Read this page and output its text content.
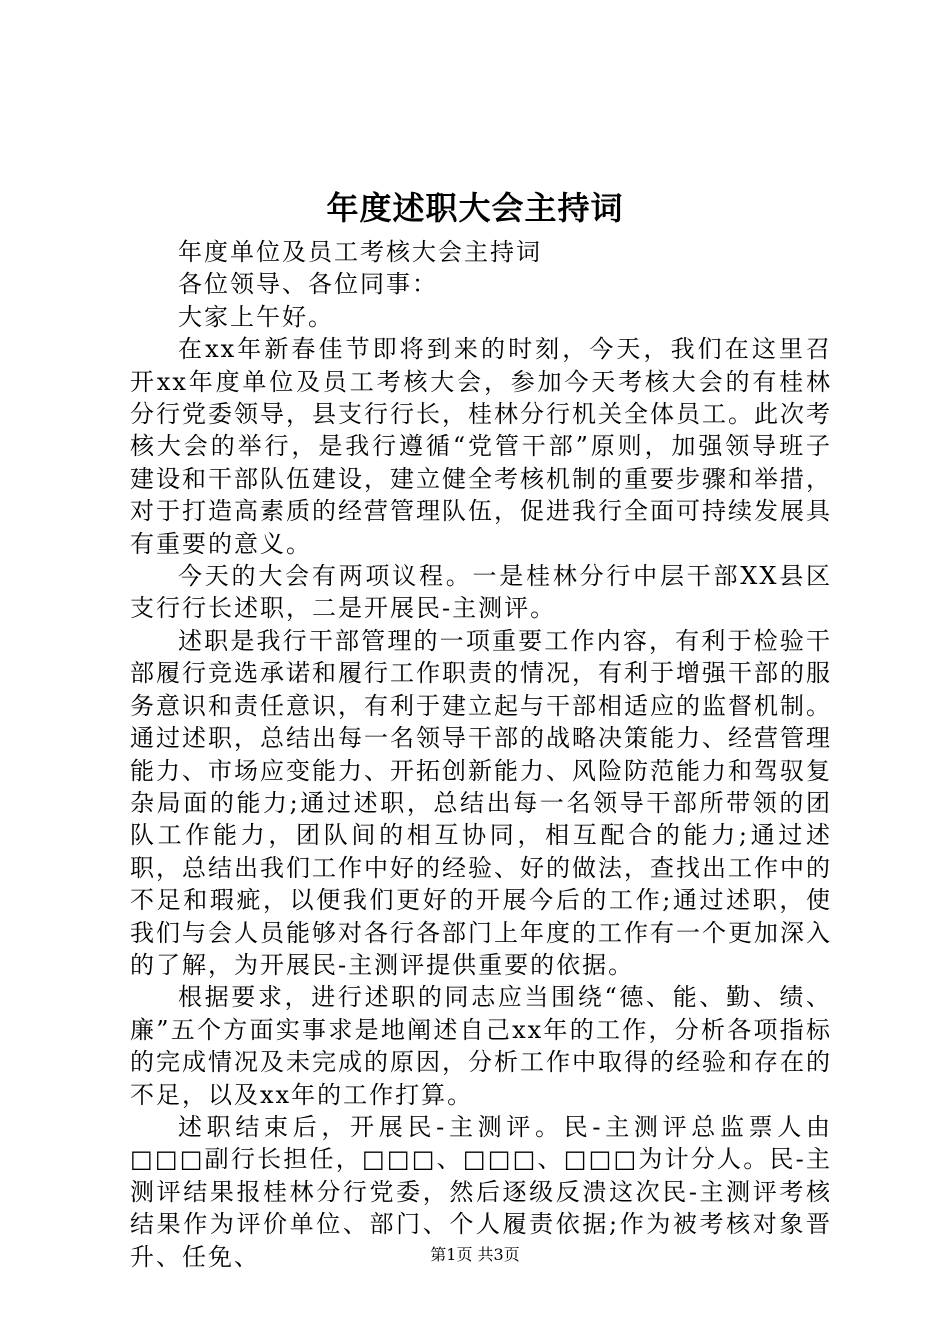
年度述职大会主持词

年度单位及员工考核大会主持词

各位领导、各位同事：

大家上午好。

在xx年新春佳节即将到来的时刻，今天，我们在这里召开xx年度单位及员工考核大会，参加今天考核大会的有桂林分行党委领导，县支行行长，桂林分行机关全体员工。此次考核大会的举行，是我行遵循“党管干部”原则，加强领导班子建设和干部队伍建设，建立健全考核机制的重要步骤和举措，对于打造高素质的经营管理队伍，促进我行全面可持续发展具有重要的意义。

今天的大会有两项议程。一是桂林分行中层干部XX县区支行行长述职，二是开展民-主测评。

述职是我行干部管理的一项重要工作内容，有利于检验干部履行竞选承诺和履行工作职责的情况，有利于增强干部的服务意识和责任意识，有利于建立起与干部相适应的监督机制。通过述职，总结出每一名领导干部的战略决策能力、经营管理能力、市场应变能力、开拓创新能力、风险防范能力和驾驭复杂局面的能力;通过述职，总结出每一名领导干部所带领的团队工作能力，团队间的相互协同，相互配合的能力;通过述职，总结出我们工作中好的经验、好的做法，查找出工作中的不足和瑕疵，以便我们更好的开展今后的工作;通过述职，使我们与会人员能够对各行各部门上年度的工作有一个更加深入的了解，为开展民-主测评提供重要的依据。

根据要求，进行述职的同志应当围绕“德、能、勤、绩、廉”五个方面实事求是地阐述自己xx年的工作，分析各项指标的完成情况及未完成的原因，分析工作中取得的经验和存在的不足，以及xx年的工作打算。

述职结束后，开展民-主测评。民-主测评总监票人由□□□副行长担任，□□□、□□□、□□□为计分人。民-主测评结果报桂林分行党委，然后逐级反溃这次民-主测评考核结果作为评价单位、部门、个人履责依据;作为被考核对象晋升、任免、	第1页 共3页
